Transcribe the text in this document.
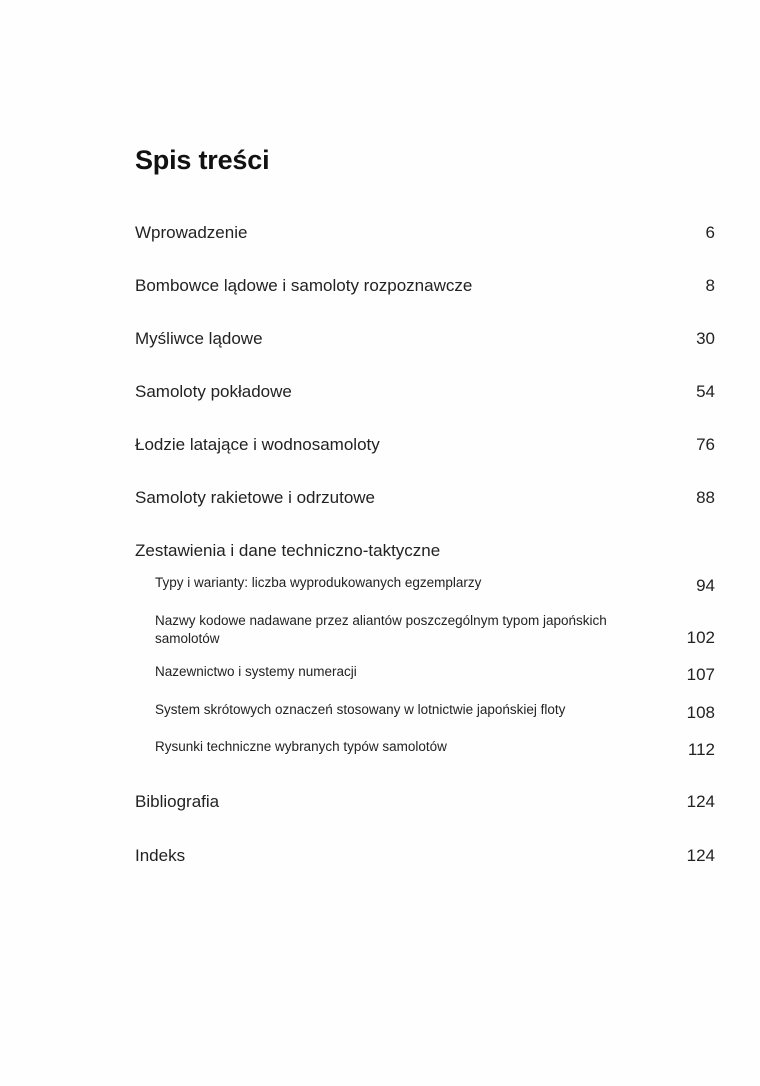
Spis treści
Wprowadzenie	6
Bombowce lądowe i samoloty rozpoznawcze	8
Myśliwce lądowe	30
Samoloty pokładowe	54
Łodzie latające i wodnosamoloty	76
Samoloty rakietowe i odrzutowe	88
Zestawienia i dane techniczno-taktyczne
Typy i warianty: liczba wyprodukowanych egzemplarzy	94
Nazwy kodowe nadawane przez aliantów poszczególnym typom japońskich samolotów	102
Nazewnictwo i systemy numeracji	107
System skrótowych oznaczeń stosowany w lotnictwie japońskiej floty	108
Rysunki techniczne wybranych typów samolotów	112
Bibliografia	124
Indeks	124
